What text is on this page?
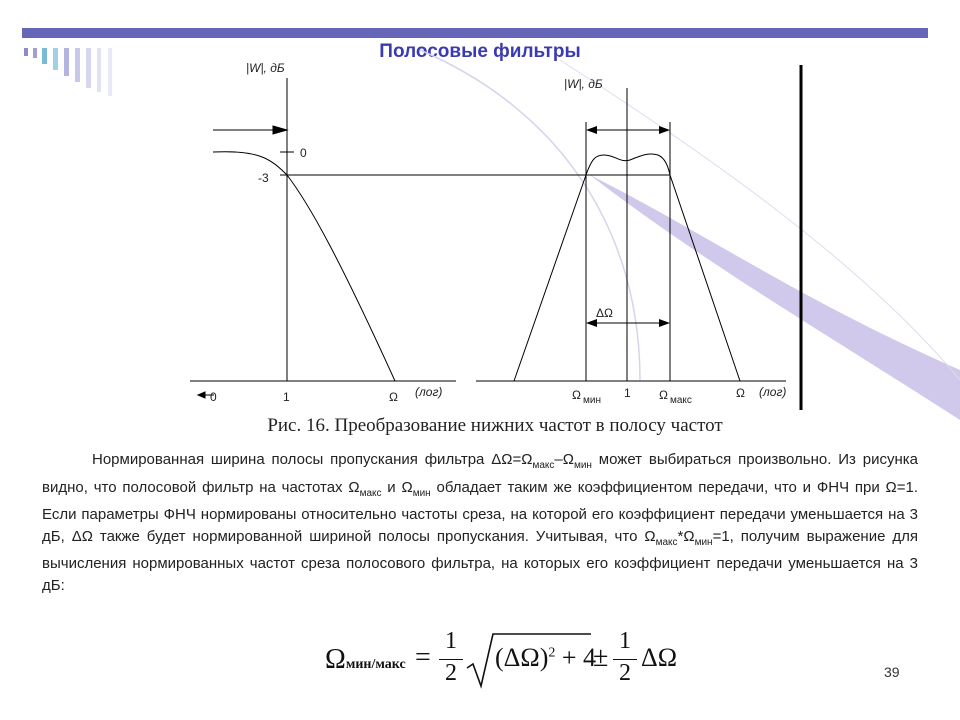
Полосовые фильтры
|W|, дБ
0
-3
0	1	Ω (лог)
|W|, дБ
ΔΩ
Ω $_{мин}$
1 Ω $_{макс}$
Ω (лог)
Рис. 16. Преобразование нижних частот в полосу частот

Нормированная ширина полосы пропускания фильтра $\Delta\Omega=\Omega_{макс}-\Omega_{мин}$ может выбираться произвольно. Из рисунка видно, что полосовой фильтр на частотах $\Omega_{макс}$ и $\Omega_{мин}$ обладает таким же коэффициентом передачи, что и ФНЧ при Ω=1. Если параметры ФНЧ нормированы относительно частоты среза, на которой его коэффициент передачи уменьшается на 3 дБ, ΔΩ также будет нормированной шириной полосы пропускания. Учитывая, что $\Omega_{макс}*\Omega_{мин}=1$, получим выражение для вычисления нормированных частот среза полосового фильтра, на которых его коэффициент передачи уменьшается на 3 дБ:

Ωмин/макс =
1
2
$(\Delta\Omega)^2 + 4$
±
1
2
ΔΩ	39
